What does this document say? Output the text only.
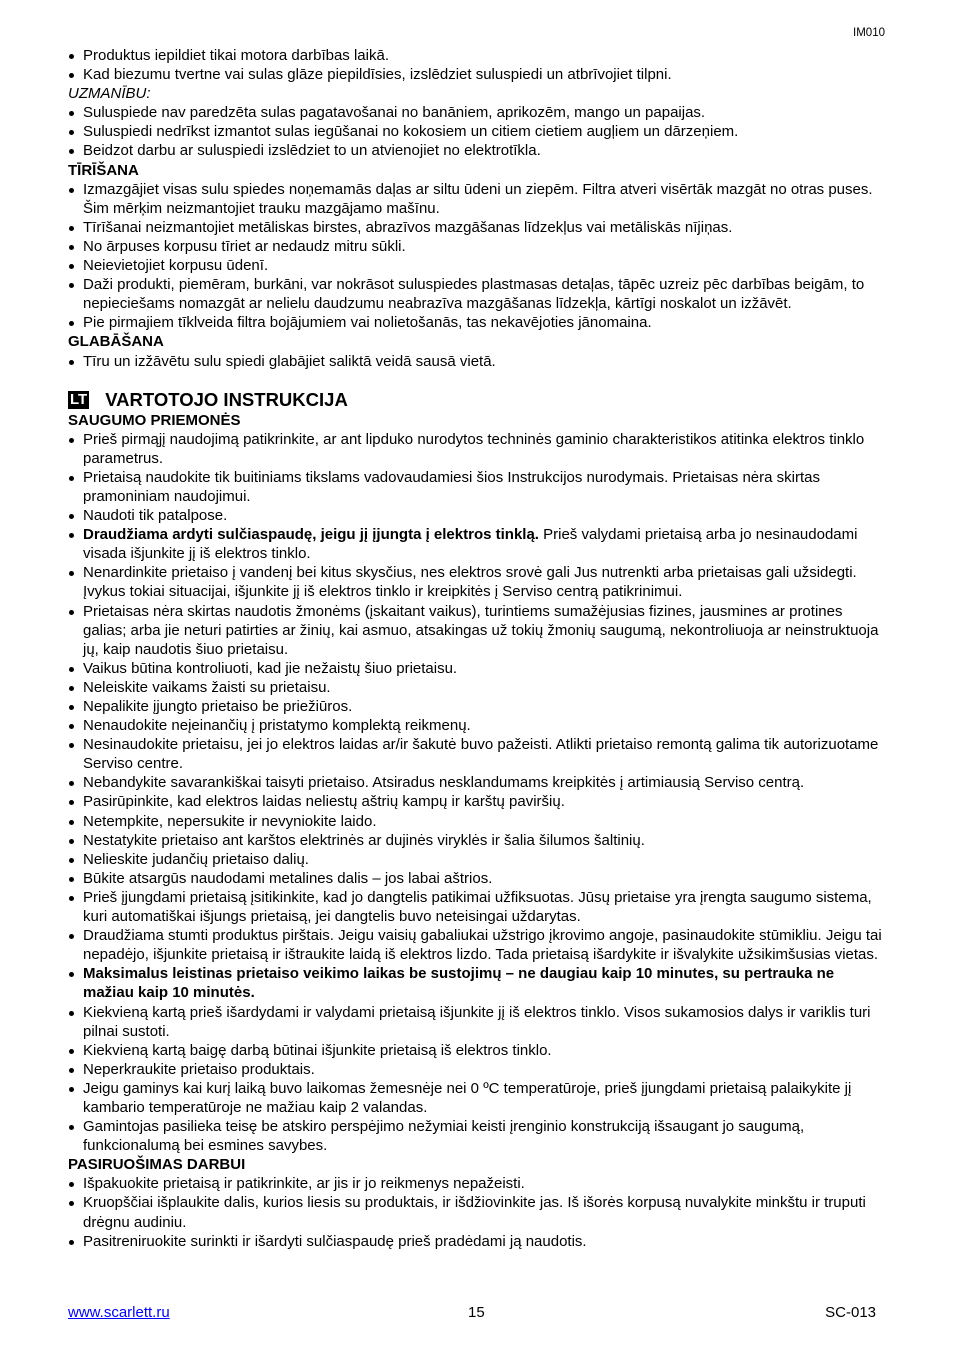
IM010
Produktus iepildiet tikai motora darbības laikā.
Kad biezumu tvertne vai sulas glāze piepildīsies, izslēdziet suluspiedi un atbrīvojiet tilpni.
UZMANĪBU:
Suluspiede nav paredzēta sulas pagatavošanai no banāniem, aprikozēm, mango un papaijas.
Suluspiedi nedrīkst izmantot sulas iegūšanai no kokosiem un citiem cietiem augļiem un dārzeņiem.
Beidzot darbu ar suluspiedi izslēdziet to un atvienojiet no elektrotīkla.
TĪRĪŠANA
Izmazgājiet visas sulu spiedes noņemamās daļas ar siltu ūdeni un ziepēm. Filtra atveri visērtāk mazgāt no otras puses. Šim mērķim neizmantojiet trauku mazgājamo mašīnu.
Tīrīšanai neizmantojiet metāliskas birstes, abrazīvos mazgāšanas līdzekļus vai metāliskās nījiņas.
No ārpuses korpusu tīriet ar nedaudz mitru sūkli.
Neievietojiet korpusu ūdenī.
Daži produkti, piemēram, burkāni, var nokrāsot suluspiedes plastmasas detaļas, tāpēc uzreiz pēc darbības beigām, to nepieciešams nomazgāt ar nelielu daudzumu neabrazīva mazgāšanas līdzekļa, kārtīgi noskalot un izžāvēt.
Pie pirmajiem tīklveida filtra bojājumiem vai nolietošanās, tas nekavējoties jānomaina.
GLABĀŠANA
Tīru un izžāvētu sulu spiedi glabājiet saliktā veidā sausā vietā.
LT VARTOTOJO INSTRUKCIJA
SAUGUMO PRIEMONĖS
Prieš pirmąjį naudojimą patikrinkite, ar ant lipduko nurodytos techninės gaminio charakteristikos atitinka elektros tinklo parametrus.
Prietaisą naudokite tik buitiniams tikslams vadovaudamiesi šios Instrukcijos nurodymais. Prietaisas nėra skirtas pramoniniam naudojimui.
Naudoti tik patalpose.
Draudžiama ardyti sulčiaspaudę, jeigu jį įjungta į elektros tinklą. Prieš valydami prietaisą arba jo nesinaudodami visada išjunkite jį iš elektros tinklo.
Nenardinkite prietaiso į vandenį bei kitus skysčius, nes elektros srovė gali Jus nutrenkti arba prietaisas gali užsidegti. Įvykus tokiai situacijai, išjunkite jį iš elektros tinklo ir kreipkitės į Serviso centrą patikrinimui.
Prietaisas nėra skirtas naudotis žmonėms (įskaitant vaikus), turintiems sumažėjusias fizines, jausmines ar protines galias; arba jie neturi patirties ar žinių, kai asmuo, atsakingas už tokių žmonių saugumą, nekontroliuoja ar neinstruktuoja jų, kaip naudotis šiuo prietaisu.
Vaikus būtina kontroliuoti, kad jie nežaistų šiuo prietaisu.
Neleiskite vaikams žaisti su prietaisu.
Nepalikite įjungto prietaiso be priežiūros.
Nenaudokite neįeinančių į pristatymo komplektą reikmenų.
Nesinaudokite prietaisu, jei jo elektros laidas ar/ir šakutė buvo pažeisti. Atlikti prietaiso remontą galima tik autorizuotame Serviso centre.
Nebandykite savarankiškai taisyti prietaiso. Atsiradus nesklandumams kreipkitės į artimiausią Serviso centrą.
Pasirūpinkite, kad elektros laidas neliestų aštrių kampų ir karštų paviršių.
Netempkite, nepersukite ir nevyniokite laido.
Nestatykite prietaiso ant karštos elektrinės ar dujinės viryklės ir šalia šilumos šaltinių.
Nelieskite judančių prietaiso dalių.
Būkite atsargūs naudodami metalines dalis – jos labai aštrios.
Prieš įjungdami prietaisą įsitikinkite, kad jo dangtelis patikimai užfiksuotas. Jūsų prietaise yra įrengta saugumo sistema, kuri automatiškai išjungs prietaisą, jei dangtelis buvo neteisingai uždarytas.
Draudžiama stumti produktus pirštais. Jeigu vaisių gabaliukai užstrigo įkrovimo angoje, pasinaudokite stūmikliu. Jeigu tai nepadėjo, išjunkite prietaisą ir ištraukite laidą iš elektros lizdo. Tada prietaisą išardykite ir išvalykite užsikimšusias vietas.
Maksimalus leistinas prietaiso veikimo laikas be sustojimų – ne daugiau kaip 10 minutes, su pertrauka ne mažiau kaip 10 minutės.
Kiekvieną kartą prieš išardydami ir valydami prietaisą išjunkite jį iš elektros tinklo. Visos sukamosios dalys ir variklis turi pilnai sustoti.
Kiekvieną kartą baigę darbą būtinai išjunkite prietaisą iš elektros tinklo.
Neperkraukite prietaiso produktais.
Jeigu gaminys kai kurį laiką buvo laikomas žemesnėje nei 0 ºC temperatūroje, prieš įjungdami prietaisą palaikykite jį kambario temperatūroje ne mažiau kaip 2 valandas.
Gamintojas pasilieka teisę be atskiro perspėjimo nežymiai keisti įrenginio konstrukciją išsaugant jo saugumą, funkcionalumą bei esmines savybes.
PASIRUOŠIMAS DARBUI
Išpakuokite prietaisą ir patikrinkite, ar jis ir jo reikmenys nepažeisti.
Kruopščiai išplaukite dalis, kurios liesis su produktais, ir išdžiovinkite jas. Iš išorės korpusą nuvalykite minkštu ir truputi drėgnu audiniu.
Pasitreniruokite surinkti ir išardyti sulčiaspaudę prieš pradėdami ją naudotis.
www.scarlett.ru	15	SC-013
